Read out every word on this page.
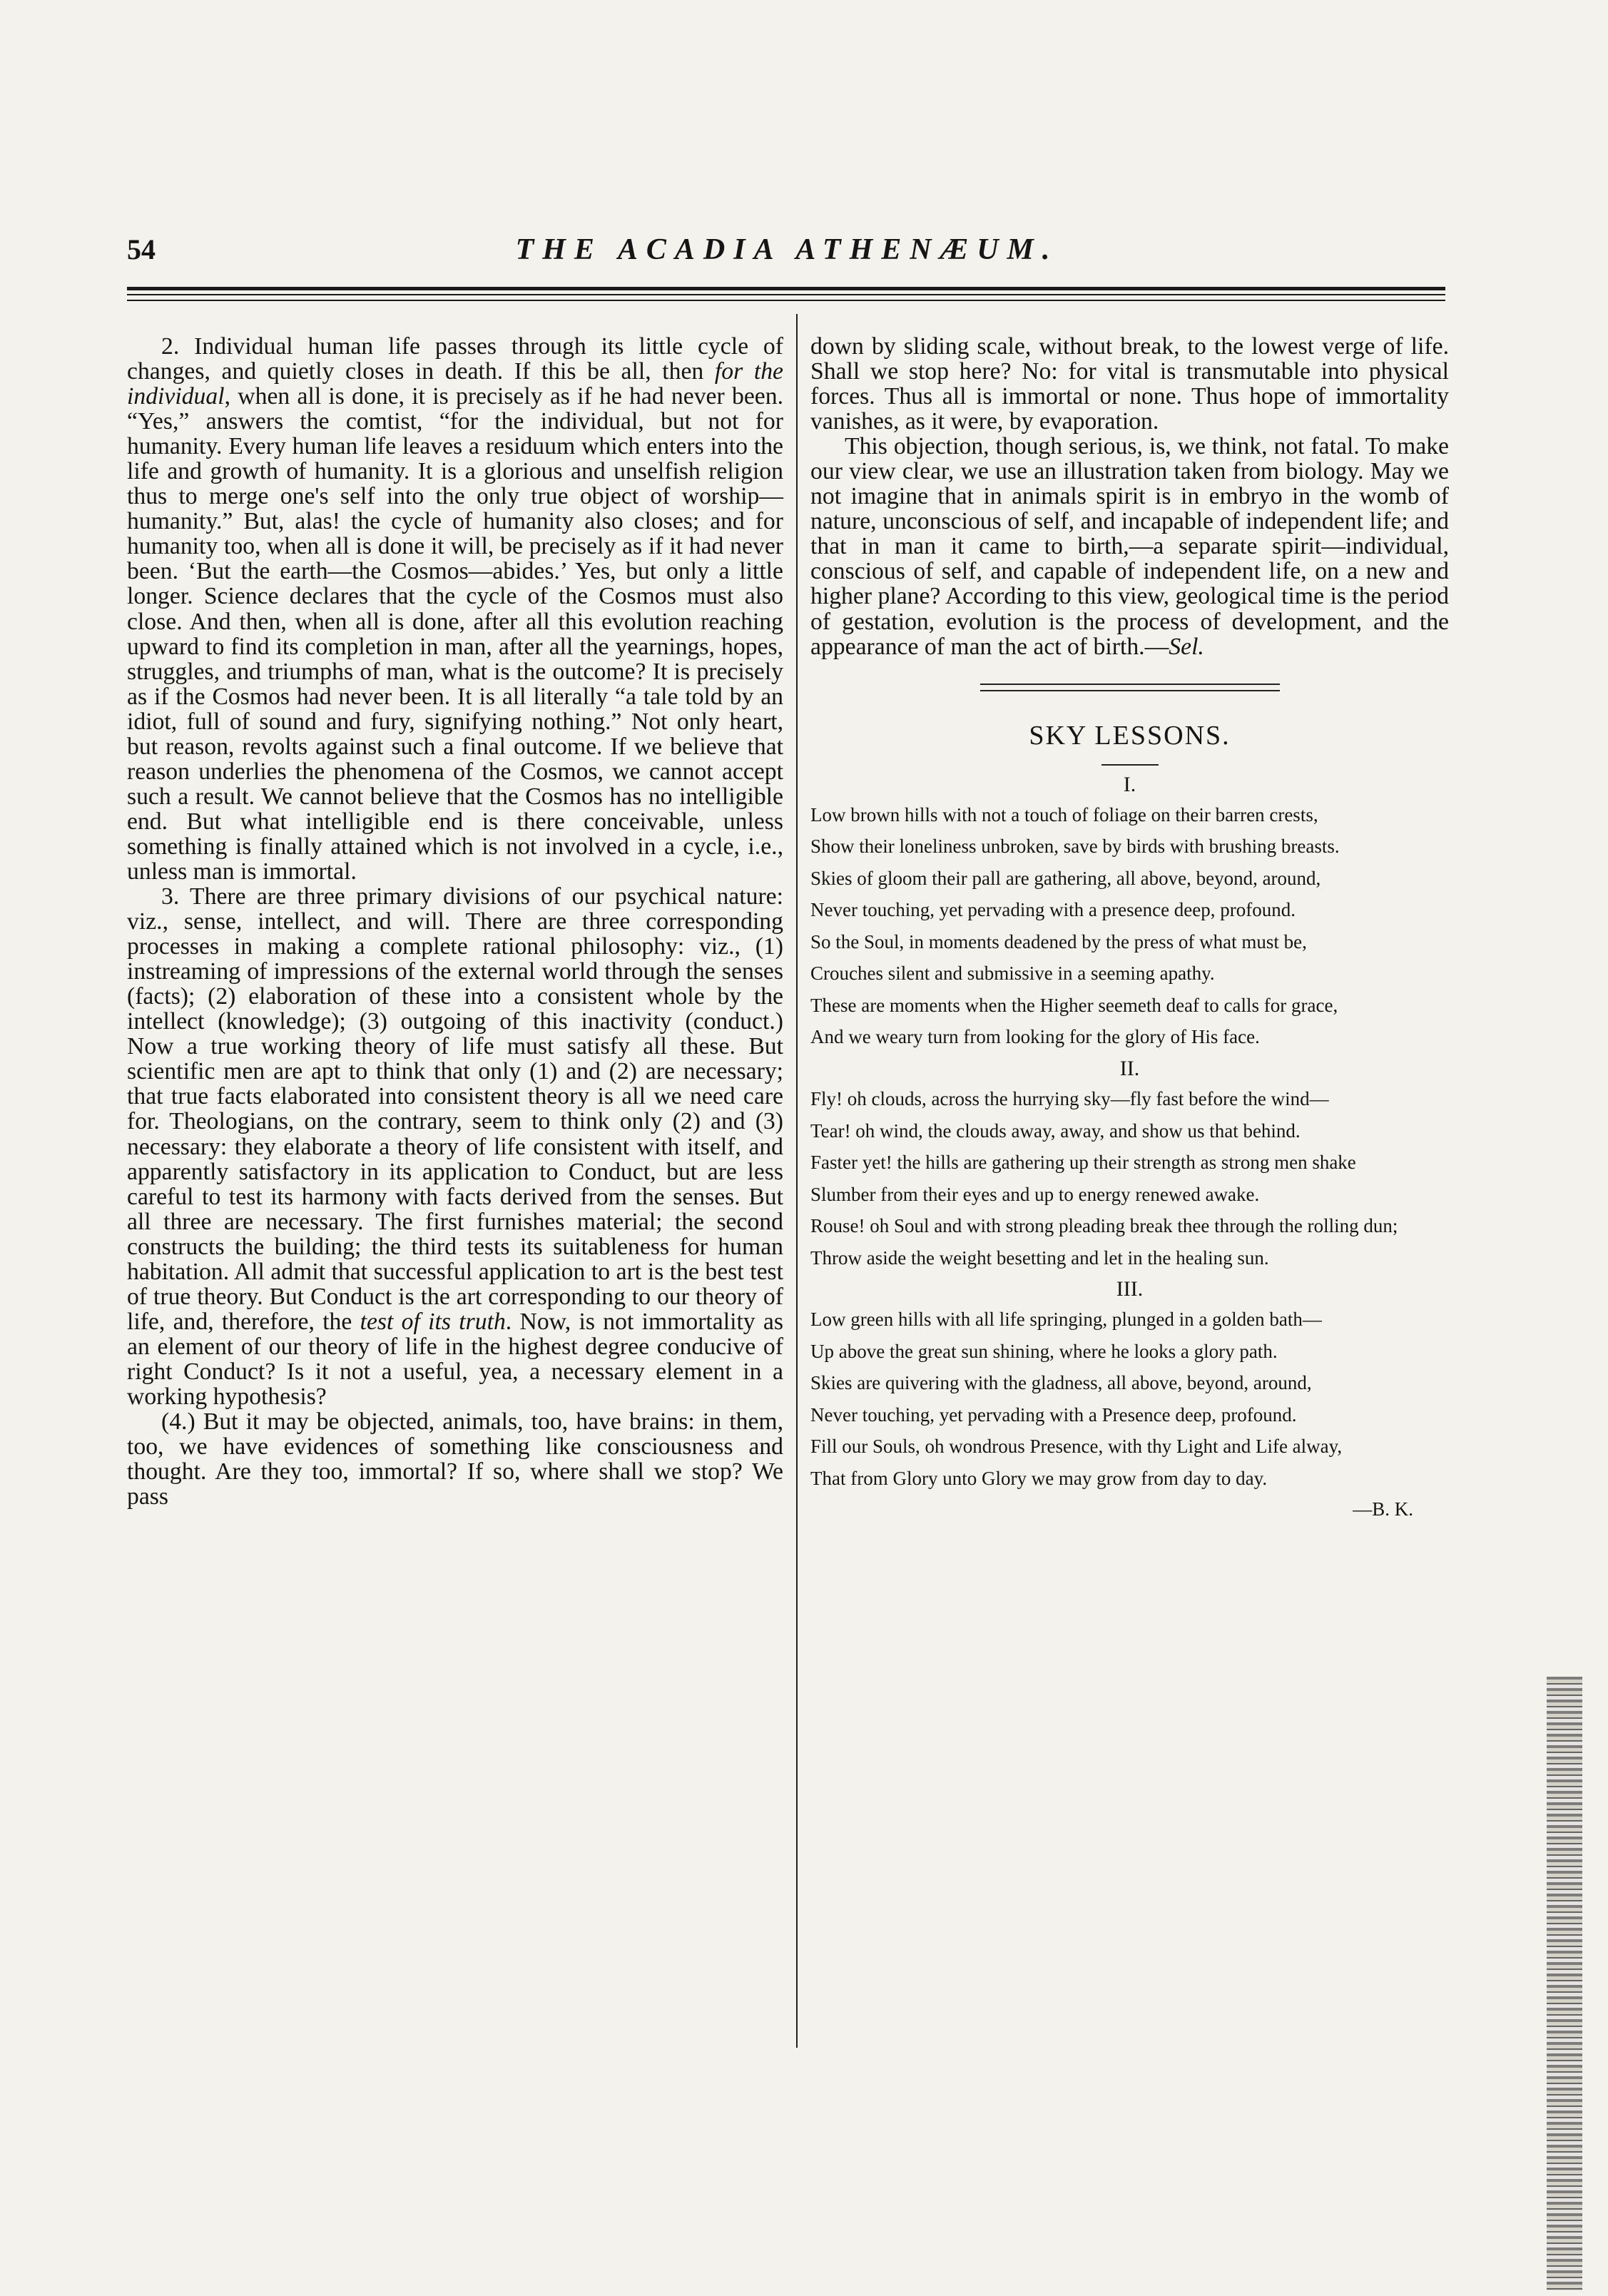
54	THE ACADIA ATHENÆUM.

2. Individual human life passes through its little cycle of changes, and quietly closes in death. If this be all, then for the individual, when all is done, it is precisely as if he had never been. “Yes,” answers the comtist, “for the individual, but not for humanity. Every human life leaves a residuum which enters into the life and growth of humanity. It is a glorious and unselfish religion thus to merge one's self into the only true object of worship—humanity.” But, alas! the cycle of humanity also closes; and for humanity too, when all is done it will, be precisely as if it had never been. ‘But the earth—the Cosmos—abides.’ Yes, but only a little longer. Science declares that the cycle of the Cosmos must also close. And then, when all is done, after all this evolution reaching upward to find its completion in man, after all the yearnings, hopes, struggles, and triumphs of man, what is the outcome? It is precisely as if the Cosmos had never been. It is all literally “a tale told by an idiot, full of sound and fury, signifying nothing.” Not only heart, but reason, revolts against such a final outcome. If we believe that reason underlies the phenomena of the Cosmos, we cannot accept such a result. We cannot believe that the Cosmos has no intelligible end. But what intelligible end is there conceivable, unless something is finally attained which is not involved in a cycle, i.e., unless man is immortal.

3. There are three primary divisions of our psychical nature: viz., sense, intellect, and will. There are three corresponding processes in making a complete rational philosophy: viz., (1) instreaming of impressions of the external world through the senses (facts); (2) elaboration of these into a consistent whole by the intellect (knowledge); (3) outgoing of this inactivity (conduct.) Now a true working theory of life must satisfy all these. But scientific men are apt to think that only (1) and (2) are necessary; that true facts elaborated into consistent theory is all we need care for. Theologians, on the contrary, seem to think only (2) and (3) necessary: they elaborate a theory of life consistent with itself, and apparently satisfactory in its application to Conduct, but are less careful to test its harmony with facts derived from the senses. But all three are necessary. The first furnishes material; the second constructs the building; the third tests its suitableness for human habitation. All admit that successful application to art is the best test of true theory. But Conduct is the art corresponding to our theory of life, and, therefore, the test of its truth. Now, is not immortality as an element of our theory of life in the highest degree conducive of right Conduct? Is it not a useful, yea, a necessary element in a working hypothesis?

(4.) But it may be objected, animals, too, have brains: in them, too, we have evidences of something like consciousness and thought. Are they too, immortal? If so, where shall we stop? We pass

down by sliding scale, without break, to the lowest verge of life. Shall we stop here? No: for vital is transmutable into physical forces. Thus all is immortal or none. Thus hope of immortality vanishes, as it were, by evaporation.

This objection, though serious, is, we think, not fatal. To make our view clear, we use an illustration taken from biology. May we not imagine that in animals spirit is in embryo in the womb of nature, unconscious of self, and incapable of independent life; and that in man it came to birth,—a separate spirit—individual, conscious of self, and capable of independent life, on a new and higher plane? According to this view, geological time is the period of gestation, evolution is the process of development, and the appearance of man the act of birth.—Sel.

SKY LESSONS.
I.

Low brown hills with not a touch of foliage on their barren crests,

Show their loneliness unbroken, save by birds with brushing breasts.

Skies of gloom their pall are gathering, all above, beyond, around,

Never touching, yet pervading with a presence deep, profound.

So the Soul, in moments deadened by the press of what must be,

Crouches silent and submissive in a seeming apathy.

These are moments when the Higher seemeth deaf to calls for grace,

And we weary turn from looking for the glory of His face.

II.

Fly! oh clouds, across the hurrying sky—fly fast before the wind—

Tear! oh wind, the clouds away, away, and show us that behind.

Faster yet! the hills are gathering up their strength as strong men shake

Slumber from their eyes and up to energy renewed awake.

Rouse! oh Soul and with strong pleading break thee through the rolling dun;

Throw aside the weight besetting and let in the healing sun.

III.

Low green hills with all life springing, plunged in a golden bath—

Up above the great sun shining, where he looks a glory path.

Skies are quivering with the gladness, all above, beyond, around,

Never touching, yet pervading with a Presence deep, profound.

Fill our Souls, oh wondrous Presence, with thy Light and Life alway,

That from Glory unto Glory we may grow from day to day.

—B. K.
